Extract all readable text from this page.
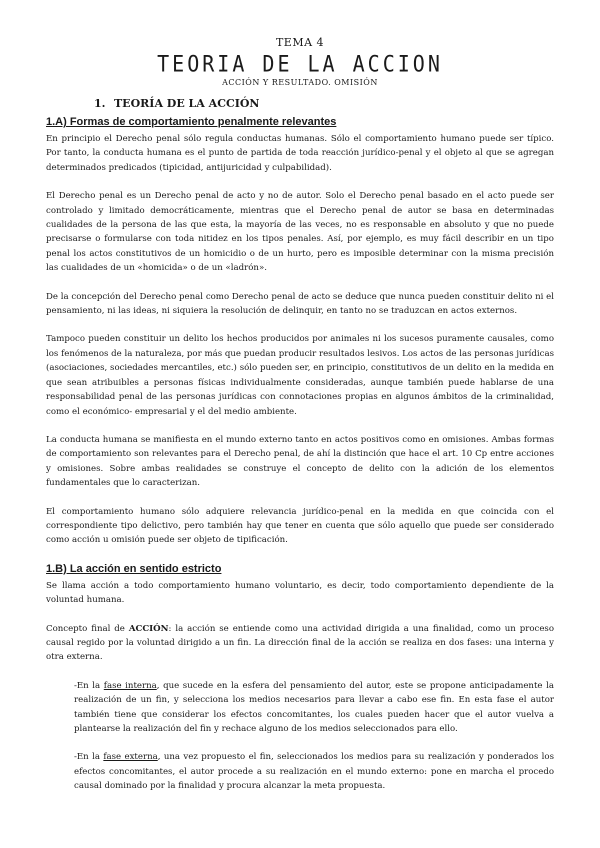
TEMA 4
TEORIA DE LA ACCION
ACCIÓN Y RESULTADO. OMISIÓN
1. TEORÍA DE LA ACCIÓN
1.A) Formas de comportamiento penalmente relevantes

En principio el Derecho penal sólo regula conductas humanas. Sólo el comportamiento humano puede ser típico. Por tanto, la conducta humana es el punto de partida de toda reacción jurídico-penal y el objeto al que se agregan determinados predicados (tipicidad, antijuricidad y culpabilidad).

El Derecho penal es un Derecho penal de acto y no de autor. Solo el Derecho penal basado en el acto puede ser controlado y limitado democráticamente, mientras que el Derecho penal de autor se basa en determinadas cualidades de la persona de las que esta, la mayoría de las veces, no es responsable en absoluto y que no puede precisarse o formularse con toda nitidez en los tipos penales. Así, por ejemplo, es muy fácil describir en un tipo penal los actos constitutivos de un homicidio o de un hurto, pero es imposible determinar con la misma precisión las cualidades de un «homicida» o de un «ladrón».

De la concepción del Derecho penal como Derecho penal de acto se deduce que nunca pueden constituir delito ni el pensamiento, ni las ideas, ni siquiera la resolución de delinquir, en tanto no se traduzcan en actos externos.

Tampoco pueden constituir un delito los hechos producidos por animales ni los sucesos puramente causales, como los fenómenos de la naturaleza, por más que puedan producir resultados lesivos. Los actos de las personas jurídicas (asociaciones, sociedades mercantiles, etc.) sólo pueden ser, en principio, constitutivos de un delito en la medida en que sean atribuibles a personas físicas individualmente consideradas, aunque también puede hablarse de una responsabilidad penal de las personas jurídicas con connotaciones propias en algunos ámbitos de la criminalidad, como el económico- empresarial y el del medio ambiente.

La conducta humana se manifiesta en el mundo externo tanto en actos positivos como en omisiones. Ambas formas de comportamiento son relevantes para el Derecho penal, de ahí la distinción que hace el art. 10 Cp entre acciones y omisiones. Sobre ambas realidades se construye el concepto de delito con la adición de los elementos fundamentales que lo caracterizan.

El comportamiento humano sólo adquiere relevancia jurídico-penal en la medida en que coincida con el correspondiente tipo delictivo, pero también hay que tener en cuenta que sólo aquello que puede ser considerado como acción u omisión puede ser objeto de tipificación.

1.B) La acción en sentido estricto

Se llama acción a todo comportamiento humano voluntario, es decir, todo comportamiento dependiente de la voluntad humana.

Concepto final de ACCIÓN: la acción se entiende como una actividad dirigida a una finalidad, como un proceso causal regido por la voluntad dirigido a un fin. La dirección final de la acción se realiza en dos fases: una interna y otra externa.

-En la fase interna, que sucede en la esfera del pensamiento del autor, este se propone anticipadamente la realización de un fin, y selecciona los medios necesarios para llevar a cabo ese fin. En esta fase el autor también tiene que considerar los efectos concomitantes, los cuales pueden hacer que el autor vuelva a plantearse la realización del fin y rechace alguno de los medios seleccionados para ello.

-En la fase externa, una vez propuesto el fin, seleccionados los medios para su realización y ponderados los efectos concomitantes, el autor procede a su realización en el mundo externo: pone en marcha el procedo causal dominado por la finalidad y procura alcanzar la meta propuesta.
